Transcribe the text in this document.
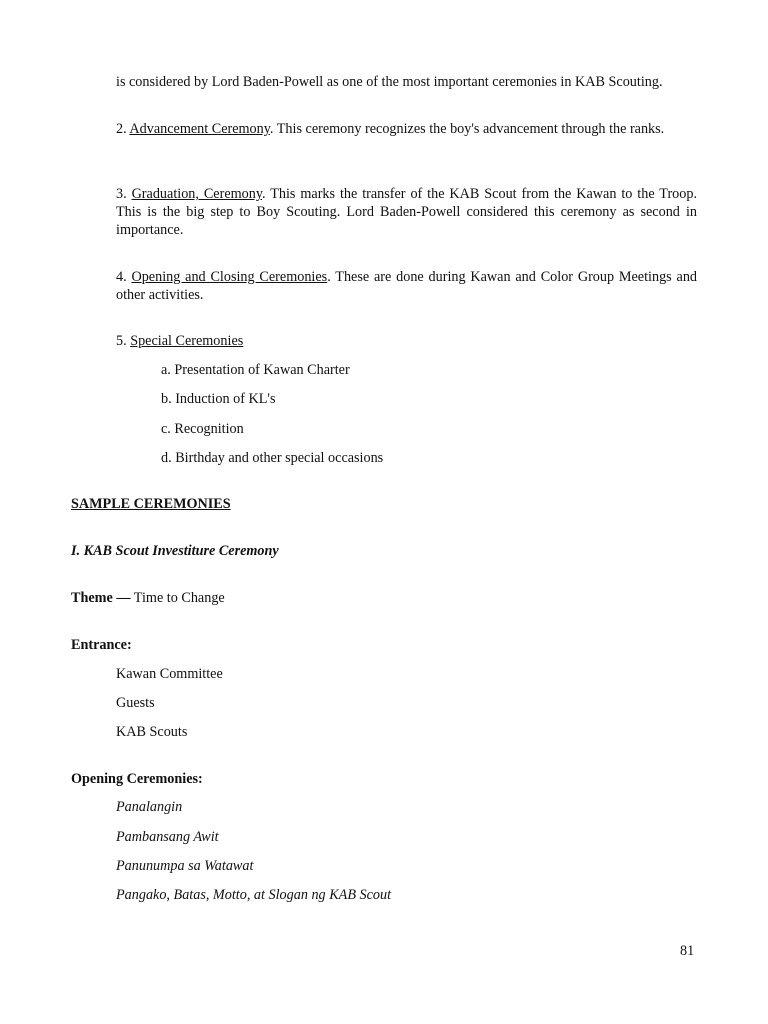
is considered by Lord Baden-Powell as one of the most important ceremonies in KAB Scouting.

2. Advancement Ceremony. This ceremony recognizes the boy's advancement through the ranks.

3. Graduation, Ceremony. This marks the transfer of the KAB Scout from the Kawan to the Troop. This is the big step to Boy Scouting. Lord Baden-Powell considered this ceremony as second in importance.

4. Opening and Closing Ceremonies. These are done during Kawan and Color Group Meetings and other activities.

5. Special Ceremonies
a. Presentation of Kawan Charter
b. Induction of KL's
c. Recognition
d. Birthday and other special occasions
SAMPLE CEREMONIES
I. KAB Scout Investiture Ceremony
Theme — Time to Change
Entrance:
Kawan Committee
Guests
KAB Scouts
Opening Ceremonies:
Panalangin
Pambansang Awit
Panunumpa sa Watawat
Pangako, Batas, Motto, at Slogan ng KAB Scout
81
